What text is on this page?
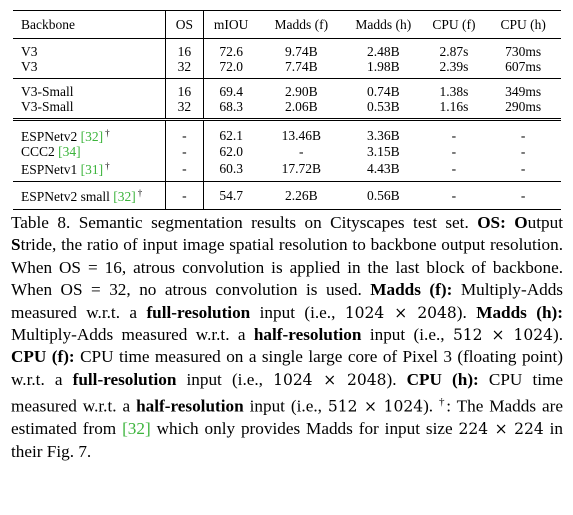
Backbone	OS	mIOU	Madds (f)	Madds (h)	CPU (f)	CPU (h)
V3	16	72.6	9.74B	2.48B	2.87s	730ms
V3	32	72.0	7.74B	1.98B	2.39s	607ms
V3-Small	16	69.4	2.90B	0.74B	1.38s	349ms
V3-Small	32	68.3	2.06B	0.53B	1.16s	290ms
ESPNetv2 [32] †	-	62.1	13.46B	3.36B	-	-
CCC2 [34]	-	62.0	-	3.15B	-	-
ESPNetv1 [31] †	-	60.3	17.72B	4.43B	-	-
ESPNetv2 small [32] †	-	54.7	2.26B	0.56B	-	-
Table 8. Semantic segmentation results on Cityscapes test set. OS: Output Stride, the ratio of input image spatial resolution to backbone output resolution. When OS = 16, atrous convolution is applied in the last block of backbone. When OS = 32, no atrous convolution is used. Madds (f): Multiply-Adds measured w.r.t. a full-resolution input (i.e., 1024 × 2048). Madds (h): Multiply-Adds measured w.r.t. a half-resolution input (i.e., 512 × 1024). CPU (f): CPU time measured on a single large core of Pixel 3 (floating point) w.r.t. a full-resolution input (i.e., 1024 × 2048). CPU (h): CPU time measured w.r.t. a half-resolution input (i.e., 512 × 1024). †: The Madds are estimated from [32] which only provides Madds for input size 224 × 224 in their Fig. 7.
